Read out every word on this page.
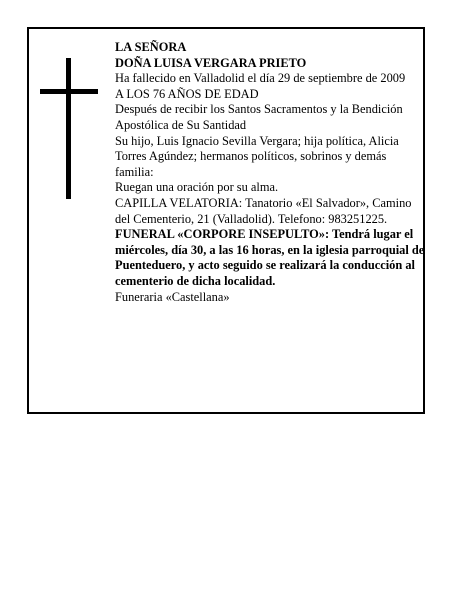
LA SEÑORA

DOÑA LUISA VERGARA PRIETO

Ha fallecido en Valladolid el día 29 de septiembre de 2009

A LOS 76 AÑOS DE EDAD

Después de recibir los Santos Sacramentos y la Bendición Apostólica de Su Santidad

Su hijo, Luis Ignacio Sevilla Vergara; hija política, Alicia Torres Agúndez; hermanos políticos, sobrinos y demás familia:

Ruegan una oración por su alma.

CAPILLA VELATORIA: Tanatorio «El Salvador», Camino del Cementerio, 21 (Valladolid). Telefono: 983251225.

FUNERAL «CORPORE INSEPULTO»: Tendrá lugar el miércoles, día 30, a las 16 horas, en la iglesia parroquial de Puenteduero, y acto seguido se realizará la conducción al cementerio de dicha localidad.

Funeraria «Castellana»
